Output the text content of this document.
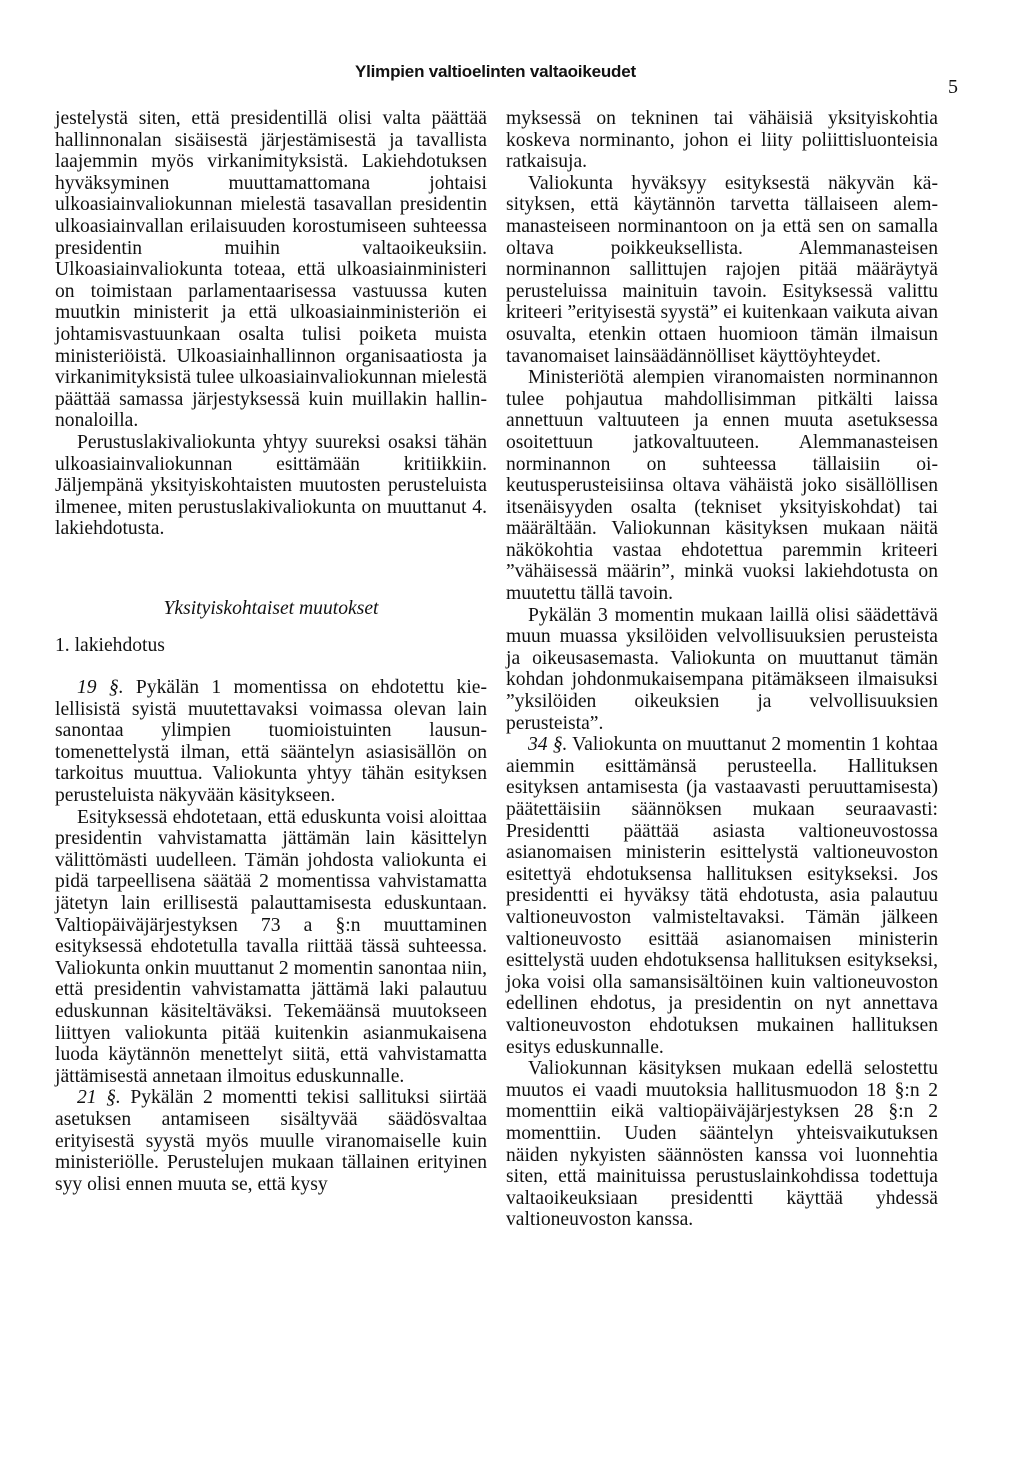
Ylimpien valtioelinten valtaoikeudet
5

jestelystä siten, että presidentillä olisi valta päättää hallinnonalan sisäisestä järjestämisestä ja tavallista laajemmin myös virkanimityksistä. Lakiehdotuksen hyväksyminen muuttamattomana johtaisi ulkoasiainvaliokunnan mielestä tasavallan presidentin ulkoasiainvallan erilaisuuden korostumiseen suhteessa presidentin muihin valtaoikeuksiin. Ulkoasiainvaliokunta toteaa, että ulkoasiainministeri on toimistaan parlamentaarisessa vastuussa kuten muutkin ministerit ja että ulkoasiainministeriön ei johtamisvastuunkaan osalta tulisi poiketa muista ministeriöistä. Ulkoasiainhallinnon organisaatiosta ja virkanimityksistä tulee ulkoasiainvaliokunnan mielestä päättää samassa järjestyksessä kuin muillakin hallinnonaloilla.

Perustuslakivaliokunta yhtyy suureksi osaksi tähän ulkoasiainvaliokunnan esittämään kritiikkiin. Jäljempänä yksityiskohtaisten muutosten perusteluista ilmenee, miten perustuslakivaliokunta on muuttanut 4. lakiehdotusta.

Yksityiskohtaiset muutokset

1. lakiehdotus

19 §. Pykälän 1 momentissa on ehdotettu kielellisistä syistä muutettavaksi voimassa olevan lain sanontaa ylimpien tuomioistuinten lausuntomenettelystä ilman, että sääntelyn asiasisällön on tarkoitus muuttua. Valiokunta yhtyy tähän esityksen perusteluista näkyvään käsitykseen.

Esityksessä ehdotetaan, että eduskunta voisi aloittaa presidentin vahvistamatta jättämän lain käsittelyn välittömästi uudelleen. Tämän johdosta valiokunta ei pidä tarpeellisena säätää 2 momentissa vahvistamatta jätetyn lain erillisestä palauttamisesta eduskuntaan. Valtiopäiväjärjestyksen 73 a §:n muuttaminen esityksessä ehdotetulla tavalla riittää tässä suhteessa. Valiokunta onkin muuttanut 2 momentin sanontaa niin, että presidentin vahvistamatta jättämä laki palautuu eduskunnan käsiteltäväksi. Tekemäänsä muutokseen liittyen valiokunta pitää kuitenkin asianmukaisena luoda käytännön menettelyt siitä, että vahvistamatta jättämisestä annetaan ilmoitus eduskunnalle.

21 §. Pykälän 2 momentti tekisi sallituksi siirtää asetuksen antamiseen sisältyvää säädösvaltaa erityisestä syystä myös muulle viranomaiselle kuin ministeriölle. Perustelujen mukaan tällainen erityinen syy olisi ennen muuta se, että kysy

myksessä on tekninen tai vähäisiä yksityiskohtia koskeva norminanto, johon ei liity poliittisluonteisia ratkaisuja.

Valiokunta hyväksyy esityksestä näkyvän käsityksen, että käytännön tarvetta tällaiseen alemmanasteiseen norminantoon on ja että sen on samalla oltava poikkeuksellista. Alemmanasteisen norminannon sallittujen rajojen pitää määräytyä perusteluissa mainituin tavoin. Esityksessä valittu kriteeri ”erityisestä syystä” ei kuitenkaan vaikuta aivan osuvalta, etenkin ottaen huomioon tämän ilmaisun tavanomaiset lainsäädännölliset käyttöyhteydet.

Ministeriötä alempien viranomaisten norminannon tulee pohjautua mahdollisimman pitkälti laissa annettuun valtuuteen ja ennen muuta asetuksessa osoitettuun jatkovaltuuteen. Alemmanasteisen norminannon on suhteessa tällaisiin oikeutusperusteisiinsa oltava vähäistä joko sisällöllisen itsenäisyyden osalta (tekniset yksityiskohdat) tai määrältään. Valiokunnan käsityksen mukaan näitä näkökohtia vastaa ehdotettua paremmin kriteeri ”vähäisessä määrin”, minkä vuoksi lakiehdotusta on muutettu tällä tavoin.

Pykälän 3 momentin mukaan laillä olisi säädettävä muun muassa yksilöiden velvollisuuksien perusteista ja oikeusasemasta. Valiokunta on muuttanut tämän kohdan johdonmukaisempana pitämäkseen ilmaisuksi ”yksilöiden oikeuksien ja velvollisuuksien perusteista”.

34 §. Valiokunta on muuttanut 2 momentin 1 kohtaa aiemmin esittämänsä perusteella. Hallituksen esityksen antamisesta (ja vastaavasti peruuttamisesta) päätettäisiin säännöksen mukaan seuraavasti: Presidentti päättää asiasta valtioneuvostossa asianomaisen ministerin esittelystä valtioneuvoston esitettyä ehdotuksensa hallituksen esitykseksi. Jos presidentti ei hyväksy tätä ehdotusta, asia palautuu valtioneuvoston valmisteltavaksi. Tämän jälkeen valtioneuvosto esittää asianomaisen ministerin esittelystä uuden ehdotuksensa hallituksen esitykseksi, joka voisi olla samansisältöinen kuin valtioneuvoston edellinen ehdotus, ja presidentin on nyt annettava valtioneuvoston ehdotuksen mukainen hallituksen esitys eduskunnalle.

Valiokunnan käsityksen mukaan edellä selostettu muutos ei vaadi muutoksia hallitusmuodon 18 §:n 2 momenttiin eikä valtiopäiväjärjestyksen 28 §:n 2 momenttiin. Uuden sääntelyn yhteisvaikutuksen näiden nykyisten säännösten kanssa voi luonnehtia siten, että mainituissa perustuslainkohdissa todettuja valtaoikeuksiaan presidentti käyttää yhdessä valtioneuvoston kanssa.
